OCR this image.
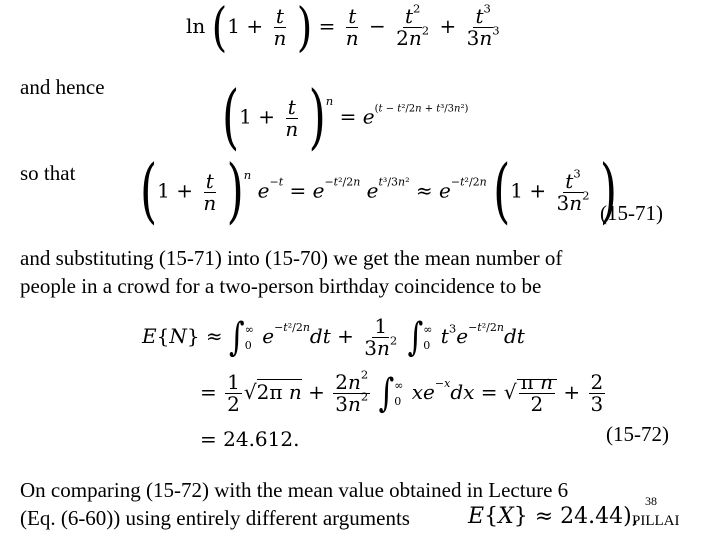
$\ln (1 + \frac{t}{n}$ ) = $\frac{t}{n} - \frac{t^2}{2n^2} + \frac{t^3}{3n^3}$
and hence	$(1 + \frac{t}{n} )^n = e^{(t - t^2/2n + t^3/3n^2)}$
so that $(1 + \frac{t}{n} )^n$ $e^{-t} = e^{-t^2/2n}$ $e^{t^3/3n^2} \approx e^{-t^2/2n}$ ($1 + \frac{t^3}{3n^2}$ )
(15-71)
and substituting (15-71) into (15-70) we get the mean number of
people in a crowd for a two-person birthday coincidence to be
E{N} ≈ ∫ ∞
0 $e^{-t^2/2n}dt + \frac{1}{3n^2}$ ∫ ∞
0 $t^3e^{-t^2/2n}dt$
= $\frac{1}{2} √2\pi$ $n + \frac{2n^2}{3n^2}$ ∫ ∞
0 $xe^{-x}dx$ = √ $\frac{\text{π n}}{2} + \frac{2}{3}$
= 24.612.	(15-72)
On comparing (15-72) with the mean value obtained in Lecture 6
(Eq. (6-60)) using entirely different arguments	E{X} ≈ 24.44),
38
PILLAI
